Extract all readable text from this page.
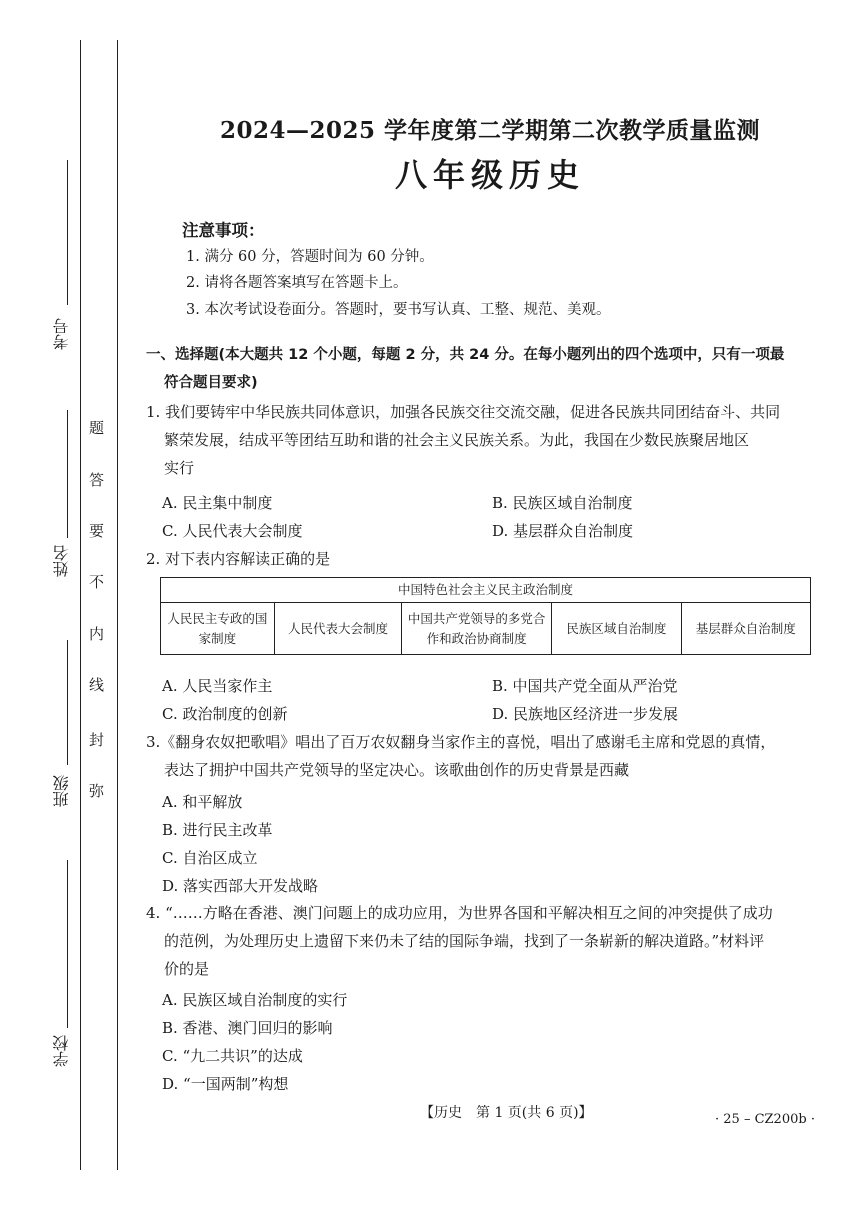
考号
姓名
班级
学校
题
答
要
不
内
线
封
弥
2024—2025 学年度第二学期第二次教学质量监测
八年级历史
注意事项：
1. 满分 60 分，答题时间为 60 分钟。
2. 请将各题答案填写在答题卡上。
3. 本次考试设卷面分。答题时，要书写认真、工整、规范、美观。
一、选择题(本大题共 12 个小题，每题 2 分，共 24 分。在每小题列出的四个选项中，只有一项最
符合题目要求)
1. 我们要铸牢中华民族共同体意识，加强各民族交往交流交融，促进各民族共同团结奋斗、共同
繁荣发展，结成平等团结互助和谐的社会主义民族关系。为此，我国在少数民族聚居地区
实行
A. 民主集中制度	B. 民族区域自治制度
C. 人民代表大会制度	D. 基层群众自治制度
2. 对下表内容解读正确的是
中国特色社会主义民主政治制度
人民民主专政的国家制度	人民代表大会制度	中国共产党领导的多党合作和政治协商制度	民族区域自治制度	基层群众自治制度
A. 人民当家作主	B. 中国共产党全面从严治党
C. 政治制度的创新	D. 民族地区经济进一步发展
3.《翻身农奴把歌唱》唱出了百万农奴翻身当家作主的喜悦，唱出了感谢毛主席和党恩的真情，
表达了拥护中国共产党领导的坚定决心。该歌曲创作的历史背景是西藏
A. 和平解放
B. 进行民主改革
C. 自治区成立
D. 落实西部大开发战略
4. “……方略在香港、澳门问题上的成功应用，为世界各国和平解决相互之间的冲突提供了成功
的范例，为处理历史上遗留下来仍未了结的国际争端，找到了一条崭新的解决道路。”材料评
价的是
A. 民族区域自治制度的实行
B. 香港、澳门回归的影响
C. “九二共识”的达成
D. “一国两制”构想
【历史　第 1 页(共 6 页)】	· 25 – CZ200b ·
